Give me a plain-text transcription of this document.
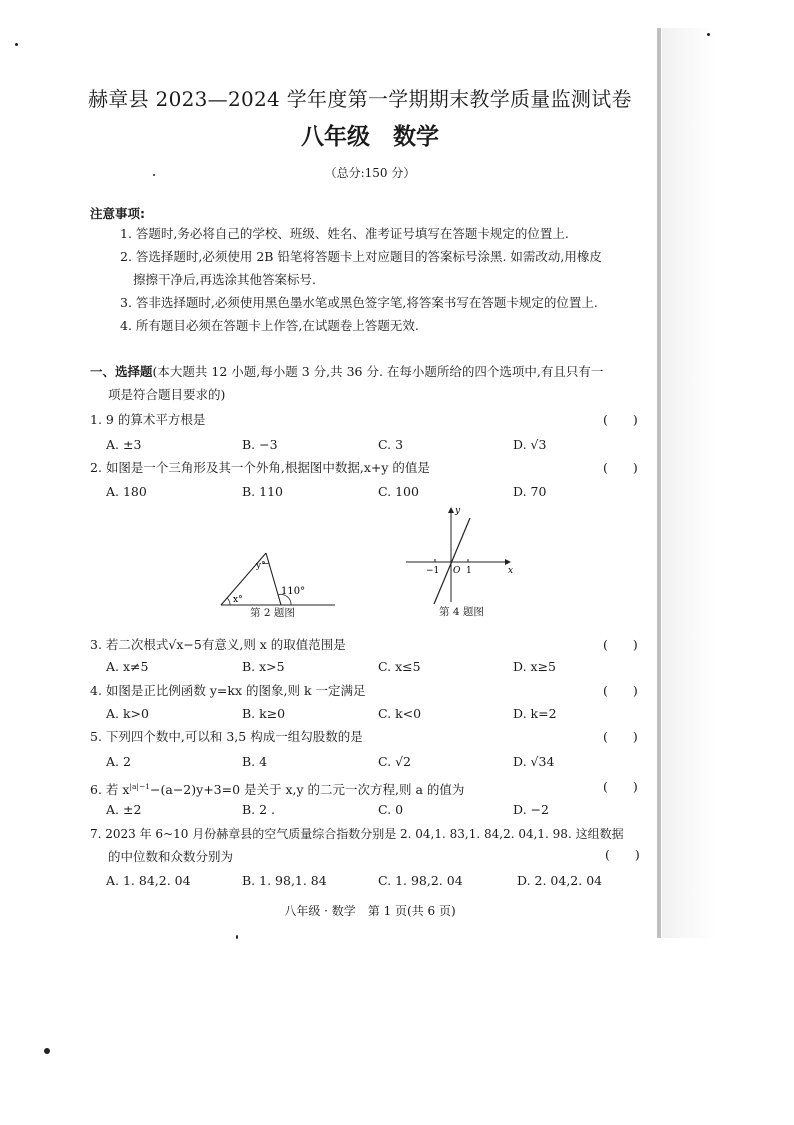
赫章县 2023—2024 学年度第一学期期末教学质量监测试卷
八年级　数学
（总分:150 分）
注意事项:
1. 答题时,务必将自己的学校、班级、姓名、准考证号填写在答题卡规定的位置上.
2. 答选择题时,必须使用 2B 铅笔将答题卡上对应题目的答案标号涂黑. 如需改动,用橡皮
擦擦干净后,再选涂其他答案标号.
3. 答非选择题时,必须使用黑色墨水笔或黑色签字笔,将答案书写在答题卡规定的位置上.
4. 所有题目必须在答题卡上作答,在试题卷上答题无效.
一、选择题(本大题共 12 小题,每小题 3 分,共 36 分. 在每小题所给的四个选项中,有且只有一
项是符合题目要求的)
1. 9 的算术平方根是	(　　)
A. ±3	B. −3	C. 3	D. √3
2. 如图是一个三角形及其一个外角,根据图中数据,x+y 的值是	(　　)
A. 180	B. 110	C. 100	D. 70
y°
x°
110°
第 2 题图
y
x
−1 O 1
第 4 题图
3. 若二次根式√x−5有意义,则 x 的取值范围是	(　　)
A. x≠5	B. x>5	C. x≤5	D. x≥5
4. 如图是正比例函数 y=kx 的图象,则 k 一定满足	(　　)
A. k>0	B. k≥0	C. k<0	D. k=2
5. 下列四个数中,可以和 3,5 构成一组勾股数的是	(　　)
A. 2	B. 4	C. √2	D. √34
6. 若 $x^{|a|-1}-(a-2)y+3=0$ 是关于 x,y 的二元一次方程,则 a 的值为	(　　)
A. ±2	B. 2 .	C. 0	D. −2
7. 2023 年 6~10 月份赫章县的空气质量综合指数分别是 2. 04,1. 83,1. 84,2. 04,1. 98. 这组数据
的中位数和众数分别为	(　　)
A. 1. 84,2. 04	B. 1. 98,1. 84	C. 1. 98,2. 04	D. 2. 04,2. 04
八年级 · 数学　第 1 页(共 6 页)
